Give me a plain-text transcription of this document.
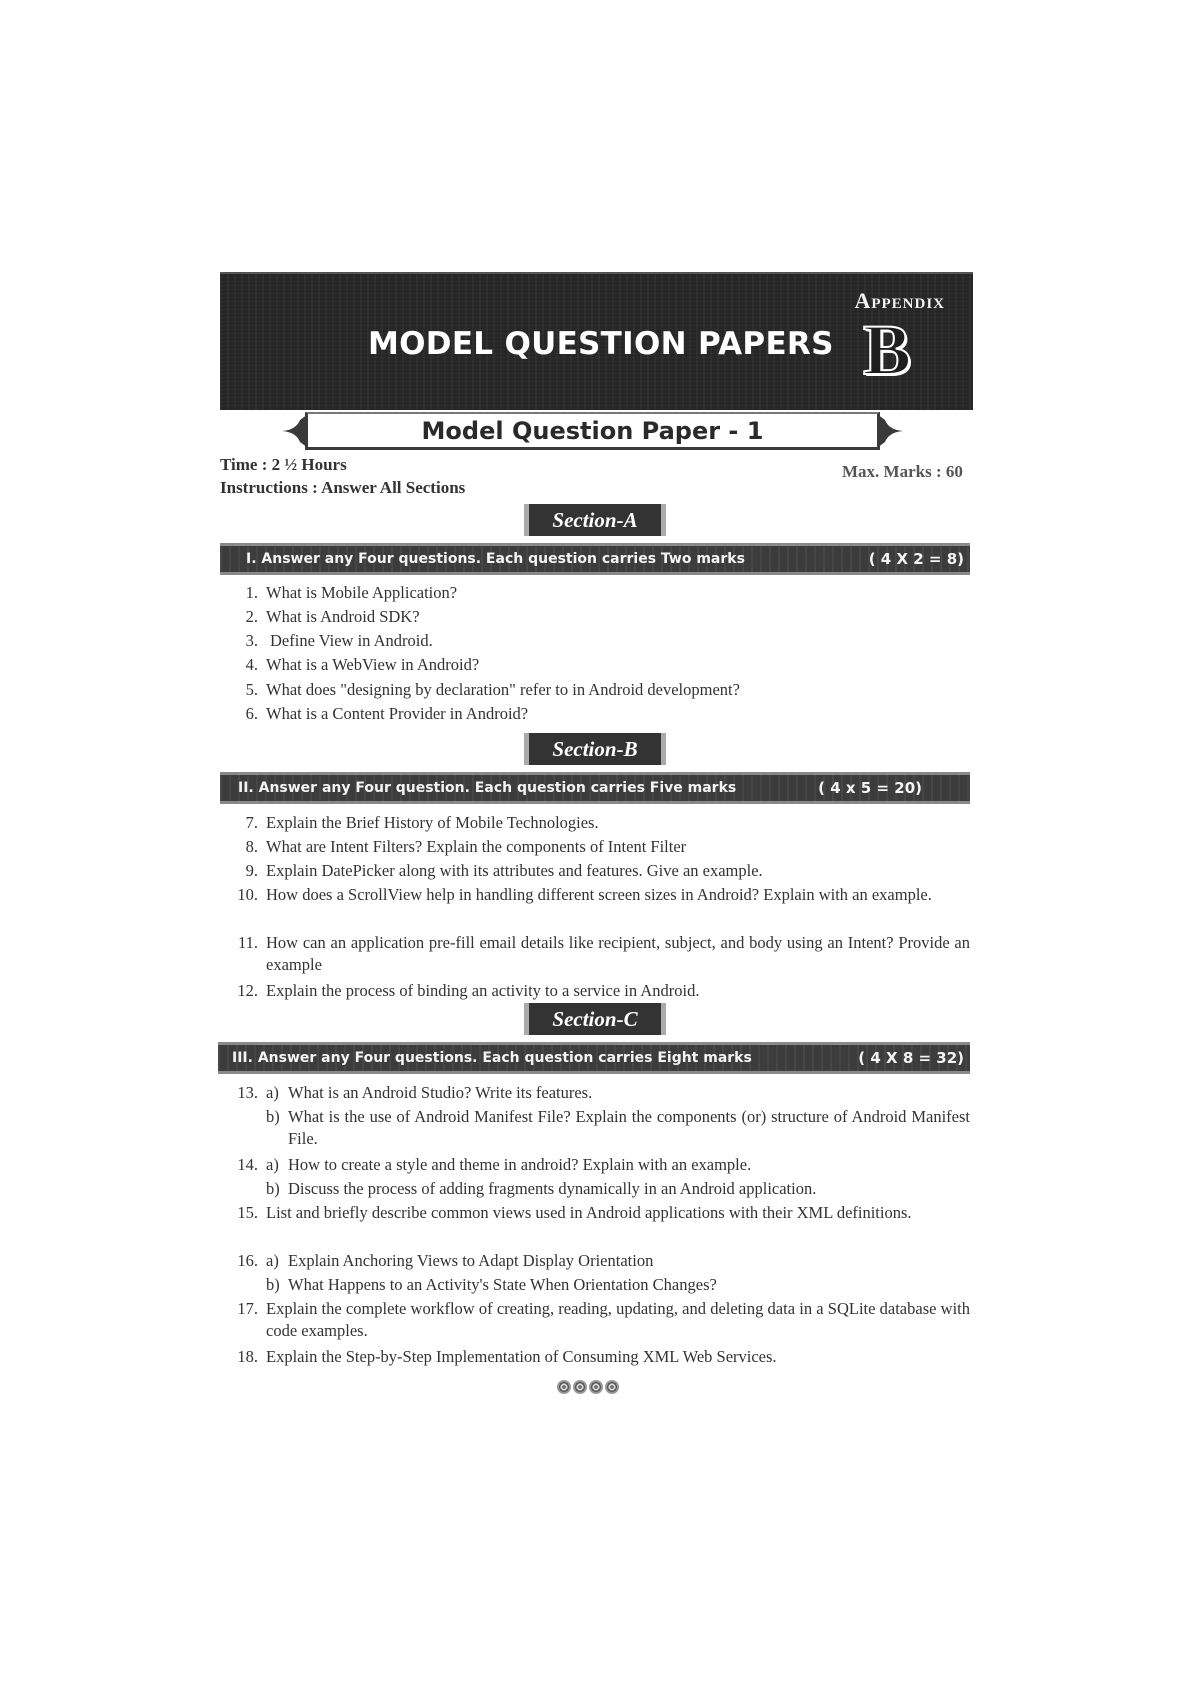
Appendix
MODEL QUESTION PAPERS B
Model Question Paper - 1
Time : 2 ½ Hours
Instructions : Answer All Sections
Max. Marks : 60
Section-A
I. Answer any Four questions. Each question carries Two marks	( 4 X 2 = 8)
1. What is Mobile Application?
2. What is Android SDK?
3. Define View in Android.
4. What is a WebView in Android?
5. What does "designing by declaration" refer to in Android development?
6. What is a Content Provider in Android?
Section-B
II. Answer any Four question. Each question carries Five marks	( 4 x 5 = 20)
7. Explain the Brief History of Mobile Technologies.
8. What are Intent Filters? Explain the components of Intent Filter
9. Explain DatePicker along with its attributes and features. Give an example.
10. How does a ScrollView help in handling different screen sizes in Android? Explain with an example.
11. How can an application pre-fill email details like recipient, subject, and body using an Intent? Provide an example
12. Explain the process of binding an activity to a service in Android.
Section-C
III. Answer any Four questions. Each question carries Eight marks	( 4 X 8 = 32)
13. a) What is an Android Studio? Write its features.
b) What is the use of Android Manifest File? Explain the components (or) structure of Android Manifest File.
14. a) How to create a style and theme in android? Explain with an example.
b) Discuss the process of adding fragments dynamically in an Android application.
15. List and briefly describe common views used in Android applications with their XML definitions.
16. a) Explain Anchoring Views to Adapt Display Orientation
b) What Happens to an Activity's State When Orientation Changes?
17. Explain the complete workflow of creating, reading, updating, and deleting data in a SQLite database with code examples.
18. Explain the Step-by-Step Implementation of Consuming XML Web Services.
